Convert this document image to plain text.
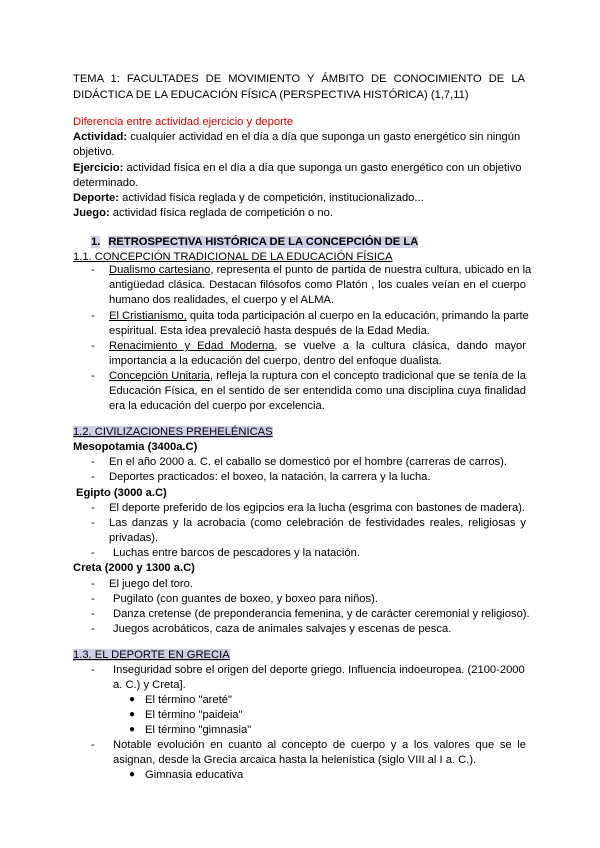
TEMA 1: FACULTADES DE MOVIMIENTO Y ÁMBITO DE CONOCIMIENTO DE LA
DIDÁCTICA DE LA EDUCACIÓN FÍSICA (PERSPECTIVA HISTÓRICA) (1,7,11)
Diferencia entre actividad ejercicio y deporte
Actividad: cualquier actividad en el día a día que suponga un gasto energético sin ningún
objetivo.
Ejercicio: actividad física en el día a día que suponga un gasto energético con un objetivo
determinado.
Deporte: actividad física reglada y de competición, institucionalizado...
Juego: actividad física reglada de competición o no.
1. RETROSPECTIVA HISTÓRICA DE LA CONCEPCIÓN DE LA
1.1. CONCEPCIÓN TRADICIONAL DE LA EDUCACIÓN FÍSICA
- Dualismo cartesiano, representa el punto de partida de nuestra cultura, ubicado en la
antigüedad clásica. Destacan filósofos como Platón , los cuales veían en el cuerpo
humano dos realidades, el cuerpo y el ALMA.
- El Cristianismo, quita toda participación al cuerpo en la educación, primando la parte
espiritual. Esta idea prevaleció hasta después de la Edad Media.
- Renacimiento y Edad Moderna, se vuelve a la cultura clásica, dando mayor
importancia a la educación del cuerpo, dentro del enfoque dualista.
- Concepción Unitaria, refleja la ruptura con el concepto tradicional que se tenía de la
Educación Física, en el sentido de ser entendida como una disciplina cuya finalidad
era la educación del cuerpo por excelencia.
1.2. CIVILIZACIONES PREHELÉNICAS
Mesopotamia (3400a.C)
- En el año 2000 a. C. el caballo se domesticó por el hombre (carreras de carros).
- Deportes practicados: el boxeo, la natación, la carrera y la lucha.
Egipto (3000 a.C)
- El deporte preferido de los egipcios era la lucha (esgrima con bastones de madera).
- Las danzas y la acrobacia (como celebración de festividades reales, religiosas y
privadas).
- Luchas entre barcos de pescadores y la natación.
Creta (2000 y 1300 a.C)
- El juego del toro.
- Pugilato (con guantes de boxeo, y boxeo para niños).
- Danza cretense (de preponderancia femenina, y de carácter ceremonial y religioso).
- Juegos acrobáticos, caza de animales salvajes y escenas de pesca.
1.3. EL DEPORTE EN GRECIA
- Inseguridad sobre el origen del deporte griego. Influencia indoeuropea. (2100-2000
a. C.) y Creta].
● El término "areté"
● El término "paideia"
● El término "gimnasia"
- Notable evolución en cuanto al concepto de cuerpo y a los valores que se le
asignan, desde la Grecia arcaica hasta la helenística (siglo VIII al I a. C.).
● Gimnasia educativa
